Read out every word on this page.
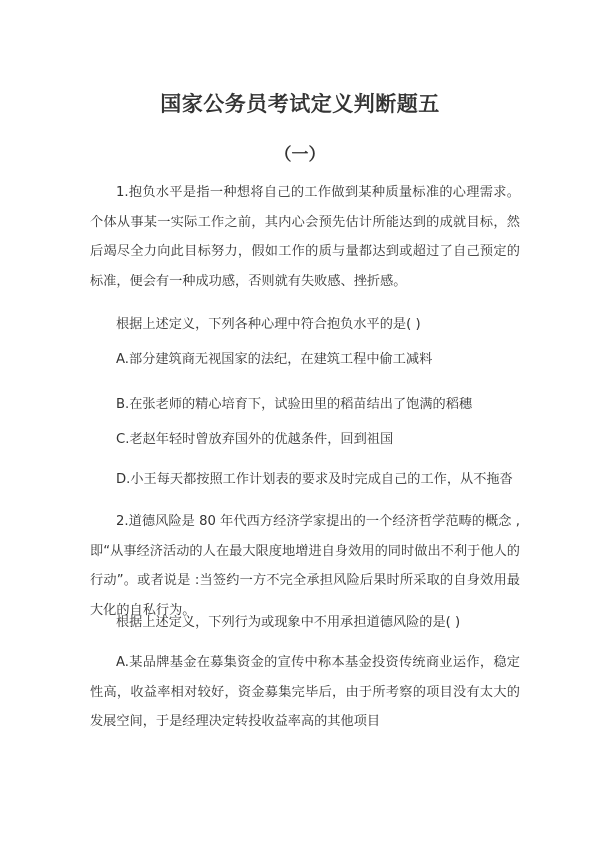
国家公务员考试定义判断题五
（一）
1.抱负水平是指一种想将自己的工作做到某种质量标准的心理需求。个体从事某一实际工作之前，其内心会预先估计所能达到的成就目标，然后竭尽全力向此目标努力，假如工作的质与量都达到或超过了自己预定的标准，便会有一种成功感，否则就有失败感、挫折感。
根据上述定义，下列各种心理中符合抱负水平的是( )
A.部分建筑商无视国家的法纪，在建筑工程中偷工减料
B.在张老师的精心培育下，试验田里的稻苗结出了饱满的稻穗
C.老赵年轻时曾放弃国外的优越条件，回到祖国
D.小王每天都按照工作计划表的要求及时完成自己的工作，从不拖沓
2.道德风险是 80 年代西方经济学家提出的一个经济哲学范畴的概念 ,即“从事经济活动的人在最大限度地增进自身效用的同时做出不利于他人的行动”。或者说是 :当签约一方不完全承担风险后果时所采取的自身效用最大化的自私行为。
根据上述定义，下列行为或现象中不用承担道德风险的是( )
A.某品牌基金在募集资金的宣传中称本基金投资传统商业运作，稳定性高，收益率相对较好，资金募集完毕后，由于所考察的项目没有太大的发展空间，于是经理决定转投收益率高的其他项目
